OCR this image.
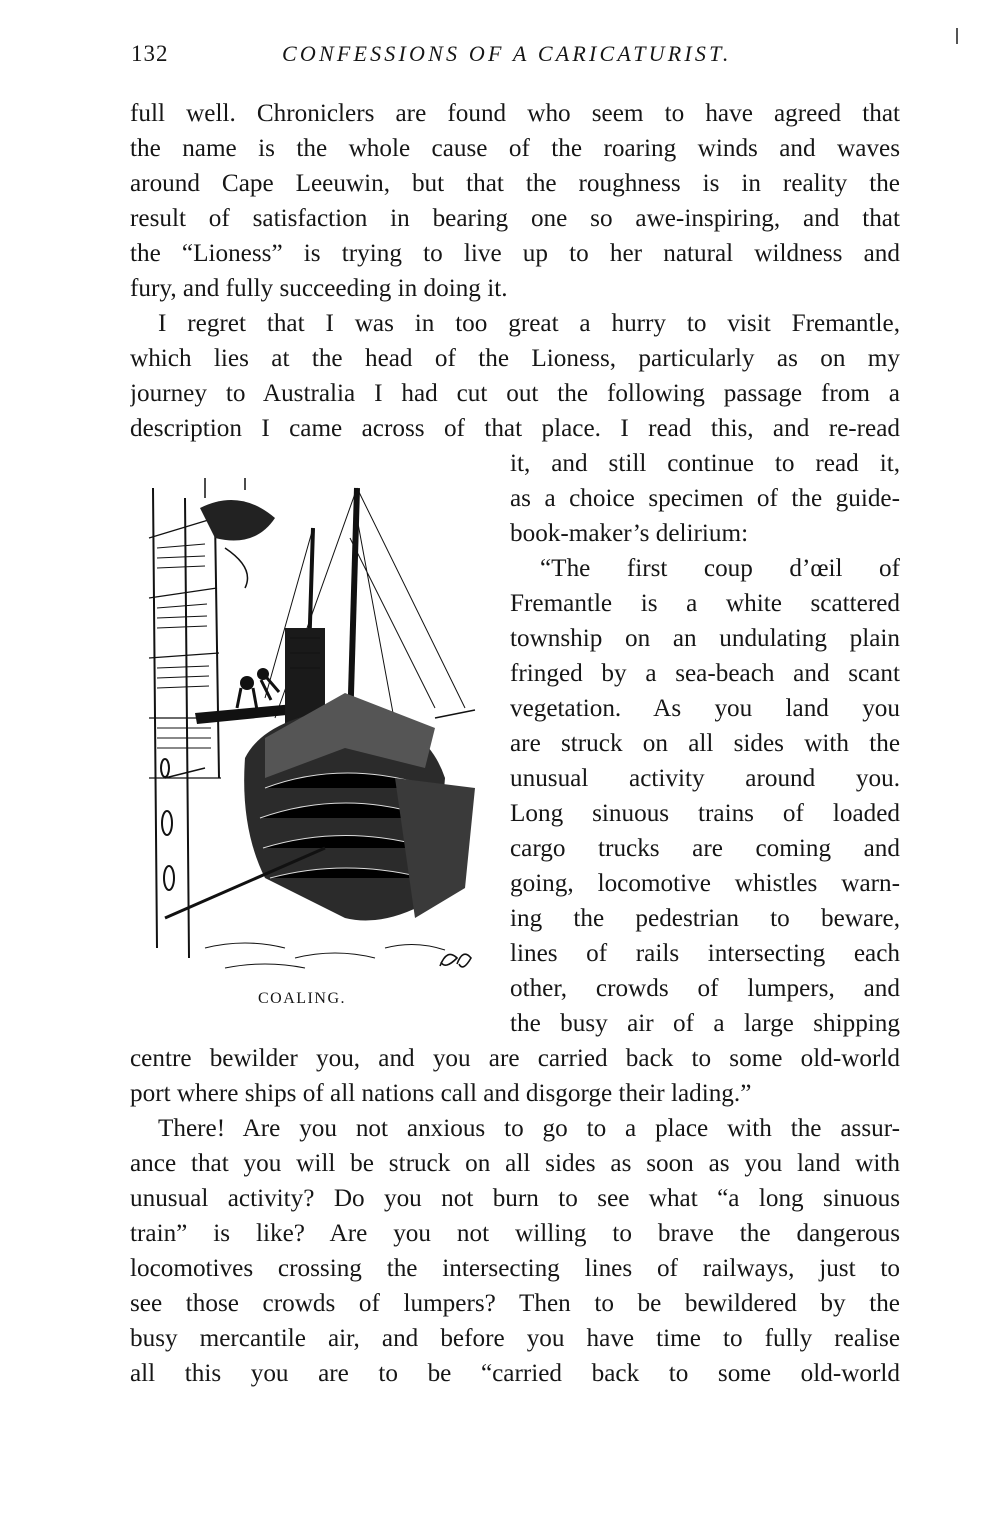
132	CONFESSIONS OF A CARICATURIST.
full well. Chroniclers are found who seem to have agreed that
the name is the whole cause of the roaring winds and waves
around Cape Leeuwin, but that the roughness is in reality the
result of satisfaction in bearing one so awe-inspiring, and that
the “Lioness” is trying to live up to her natural wildness and
fury, and fully succeeding in doing it.
I regret that I was in too great a hurry to visit Fremantle,
which lies at the head of the Lioness, particularly as on my
journey to Australia I had cut out the following passage from a
description I came across of that place. I read this, and re-read
it, and still continue to read it,
as a choice specimen of the guide-
book-maker’s delirium:
“The first coup d’œil of
Fremantle is a white scattered
township on an undulating plain
fringed by a sea-beach and scant
vegetation. As you land you
are struck on all sides with the
unusual activity around you.
Long sinuous trains of loaded
cargo trucks are coming and
going, locomotive whistles warn-
ing the pedestrian to beware,
lines of rails intersecting each
other, crowds of lumpers, and
the busy air of a large shipping
centre bewilder you, and you are carried back to some old-world
port where ships of all nations call and disgorge their lading.”
There! Are you not anxious to go to a place with the assur-
ance that you will be struck on all sides as soon as you land with
unusual activity? Do you not burn to see what “a long sinuous
train” is like? Are you not willing to brave the dangerous
locomotives crossing the intersecting lines of railways, just to
see those crowds of lumpers? Then to be bewildered by the
busy mercantile air, and before you have time to fully realise
all this you are to be “carried back to some old-world
COALING.
